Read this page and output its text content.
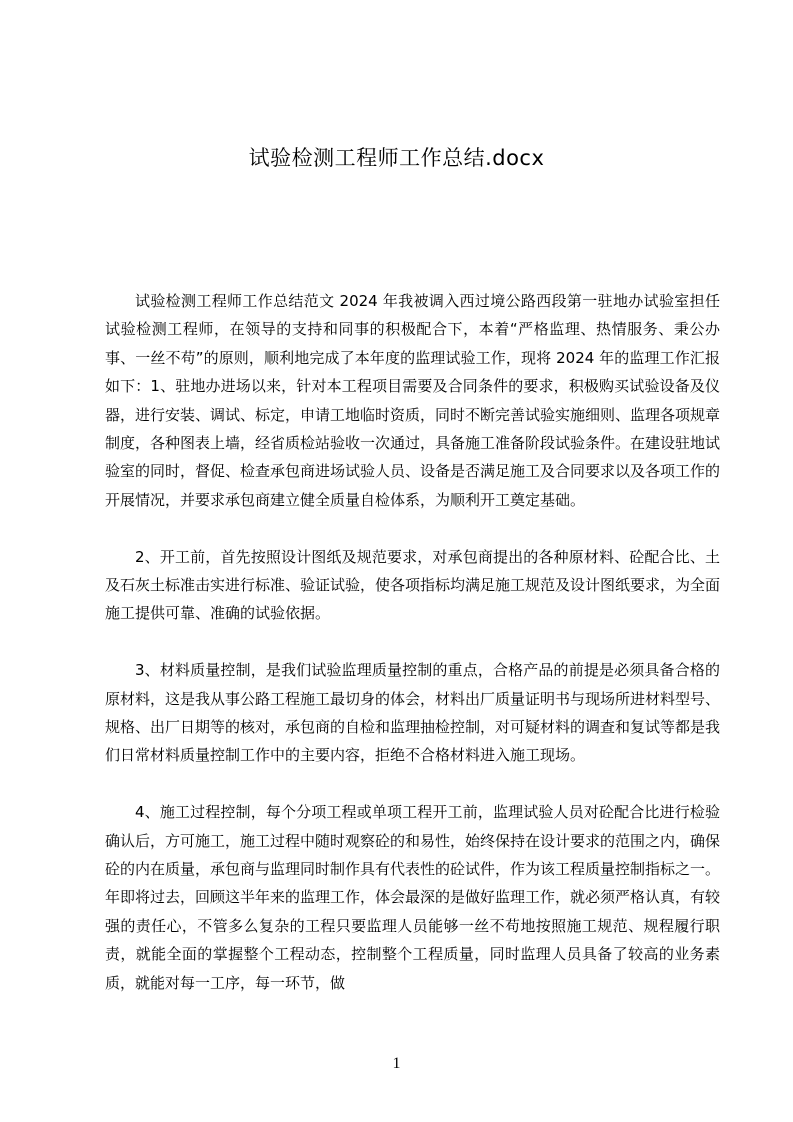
试验检测工程师工作总结.docx

试验检测工程师工作总结范文 2024 年我被调入西过境公路西段第一驻地办试验室担任试验检测工程师，在领导的支持和同事的积极配合下，本着“严格监理、热情服务、秉公办事、一丝不苟”的原则，顺利地完成了本年度的监理试验工作，现将 2024 年的监理工作汇报如下：1、驻地办进场以来，针对本工程项目需要及合同条件的要求，积极购买试验设备及仪器，进行安装、调试、标定，申请工地临时资质，同时不断完善试验实施细则、监理各项规章制度，各种图表上墙，经省质检站验收一次通过，具备施工准备阶段试验条件。在建设驻地试验室的同时，督促、检查承包商进场试验人员、设备是否满足施工及合同要求以及各项工作的开展情况，并要求承包商建立健全质量自检体系，为顺利开工奠定基础。

2、开工前，首先按照设计图纸及规范要求，对承包商提出的各种原材料、砼配合比、土及石灰土标准击实进行标准、验证试验，使各项指标均满足施工规范及设计图纸要求，为全面施工提供可靠、准确的试验依据。

3、材料质量控制，是我们试验监理质量控制的重点，合格产品的前提是必须具备合格的原材料，这是我从事公路工程施工最切身的体会，材料出厂质量证明书与现场所进材料型号、规格、出厂日期等的核对，承包商的自检和监理抽检控制，对可疑材料的调查和复试等都是我们日常材料质量控制工作中的主要内容，拒绝不合格材料进入施工现场。

4、施工过程控制，每个分项工程或单项工程开工前，监理试验人员对砼配合比进行检验确认后，方可施工，施工过程中随时观察砼的和易性，始终保持在设计要求的范围之内，确保砼的内在质量，承包商与监理同时制作具有代表性的砼试件，作为该工程质量控制指标之一。年即将过去，回顾这半年来的监理工作，体会最深的是做好监理工作，就必须严格认真，有较强的责任心，不管多么复杂的工程只要监理人员能够一丝不苟地按照施工规范、规程履行职责，就能全面的掌握整个工程动态，控制整个工程质量，同时监理人员具备了较高的业务素质，就能对每一工序，每一环节，做

1
